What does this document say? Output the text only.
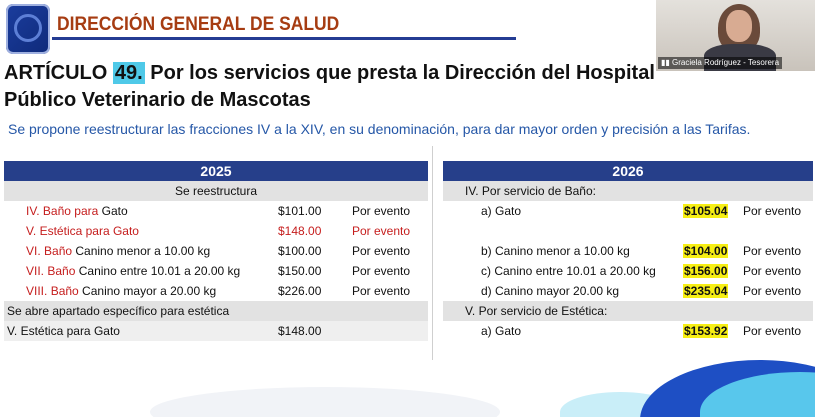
DIRECCIÓN GENERAL DE SALUD
ARTÍCULO 49. Por los servicios que presta la Dirección del Hospital Público Veterinario de Mascotas
Se propone reestructurar las fracciones IV a la XIV, en su denominación, para dar mayor orden y precisión a las Tarifas.
▮▮ Graciela Rodríguez - Tesorera
2025		
Se reestructura		
IV. Baño para Gato	$101.00	Por evento
V. Estética para Gato	$148.00	Por evento
VI. Baño Canino menor a 10.00 kg	$100.00	Por evento
VII. Baño Canino entre 10.01 a 20.00 kg	$150.00	Por evento
VIII. Baño Canino mayor a 20.00 kg	$226.00	Por evento
Se abre apartado específico para estética		
V. Estética para Gato	$148.00	
2026		
IV. Por servicio de Baño:		
a) Gato	$105.04	Por evento

b) Canino menor a 10.00 kg	$104.00	Por evento
c) Canino entre 10.01 a 20.00 kg	$156.00	Por evento
d) Canino mayor 20.00 kg	$235.04	Por evento
V. Por servicio de Estética:		
a) Gato	$153.92	Por evento
